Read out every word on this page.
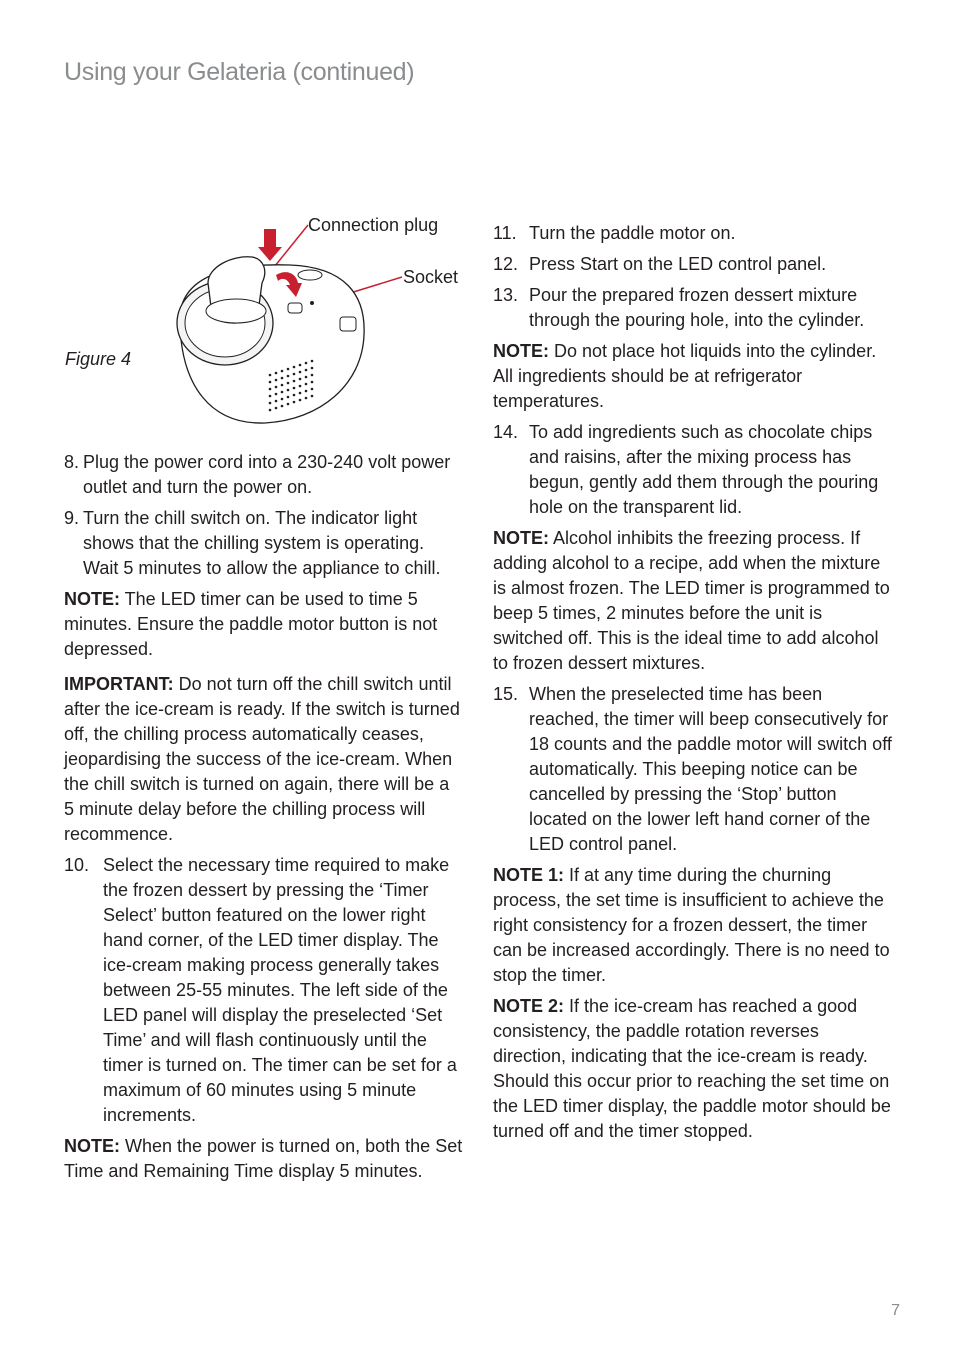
Using your Gelateria (continued)
Figure 4
Connection plug
Socket
8. Plug the power cord into a 230-240 volt power outlet and turn the power on.
9. Turn the chill switch on. The indicator light shows that the chilling system is operating. Wait 5 minutes to allow the appliance to chill.

NOTE: The LED timer can be used to time 5 minutes. Ensure the paddle motor button is not depressed.

IMPORTANT: Do not turn off the chill switch until after the ice-cream is ready. If the switch is turned off, the chilling process automatically ceases, jeopardising the success of the ice-cream. When the chill switch is turned on again, there will be a 5 minute delay before the chilling process will recommence.

10. Select the necessary time required to make the frozen dessert by pressing the ‘Timer Select’ button featured on the lower right hand corner, of the LED timer display. The ice-cream making process generally takes between 25-55 minutes. The left side of the LED panel will display the preselected ‘Set Time’ and will flash continuously until the timer is turned on. The timer can be set for a maximum of 60 minutes using 5 minute increments.

NOTE: When the power is turned on, both the Set Time and Remaining Time display 5 minutes.

11. Turn the paddle motor on.
12. Press Start on the LED control panel.
13. Pour the prepared frozen dessert mixture through the pouring hole, into the cylinder.

NOTE: Do not place hot liquids into the cylinder. All ingredients should be at refrigerator temperatures.

14. To add ingredients such as chocolate chips and raisins, after the mixing process has begun, gently add them through the pouring hole on the transparent lid.

NOTE: Alcohol inhibits the freezing process. If adding alcohol to a recipe, add when the mixture is almost frozen. The LED timer is programmed to beep 5 times, 2 minutes before the unit is switched off. This is the ideal time to add alcohol to frozen dessert mixtures.

15. When the preselected time has been reached, the timer will beep consecutively for 18 counts and the paddle motor will switch off automatically. This beeping notice can be cancelled by pressing the ‘Stop’ button located on the lower left hand corner of the LED control panel.

NOTE 1: If at any time during the churning process, the set time is insufficient to achieve the right consistency for a frozen dessert, the timer can be increased accordingly. There is no need to stop the timer.

NOTE 2: If the ice-cream has reached a good consistency, the paddle rotation reverses direction, indicating that the ice-cream is ready. Should this occur prior to reaching the set time on the LED timer display, the paddle motor should be turned off and the timer stopped.

7
